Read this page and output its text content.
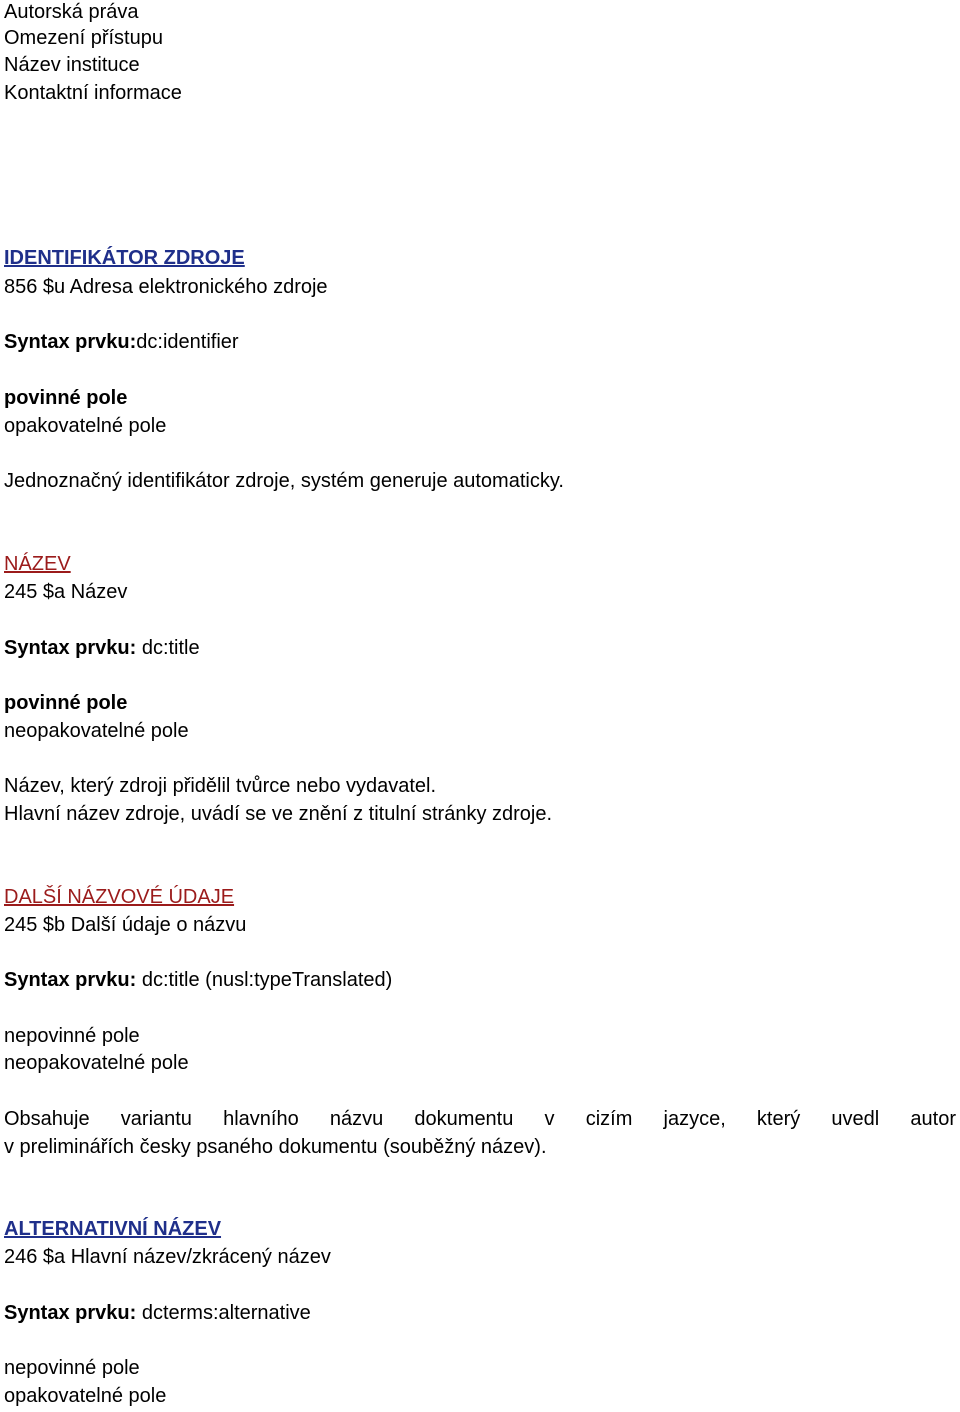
Autorská práva
Omezení přístupu
Název instituce
Kontaktní informace
IDENTIFIKÁTOR ZDROJE
856 $u Adresa elektronického zdroje
Syntax prvku:dc:identifier
povinné pole
opakovatelné pole
Jednoznačný identifikátor zdroje, systém generuje automaticky.
NÁZEV
245 $a Název
Syntax prvku: dc:title
povinné pole
neopakovatelné pole
Název, který zdroji přidělil tvůrce nebo vydavatel.
Hlavní název zdroje, uvádí se ve znění z titulní stránky zdroje.
DALŠÍ NÁZVOVÉ ÚDAJE
245 $b Další údaje o názvu
Syntax prvku: dc:title (nusl:typeTranslated)
nepovinné pole
neopakovatelné pole
Obsahuje variantu hlavního názvu dokumentu v cizím jazyce, který uvedl autor
v preliminářích česky psaného dokumentu (souběžný název).
ALTERNATIVNÍ NÁZEV
246 $a Hlavní název/zkrácený název
Syntax prvku: dcterms:alternative
nepovinné pole
opakovatelné pole
